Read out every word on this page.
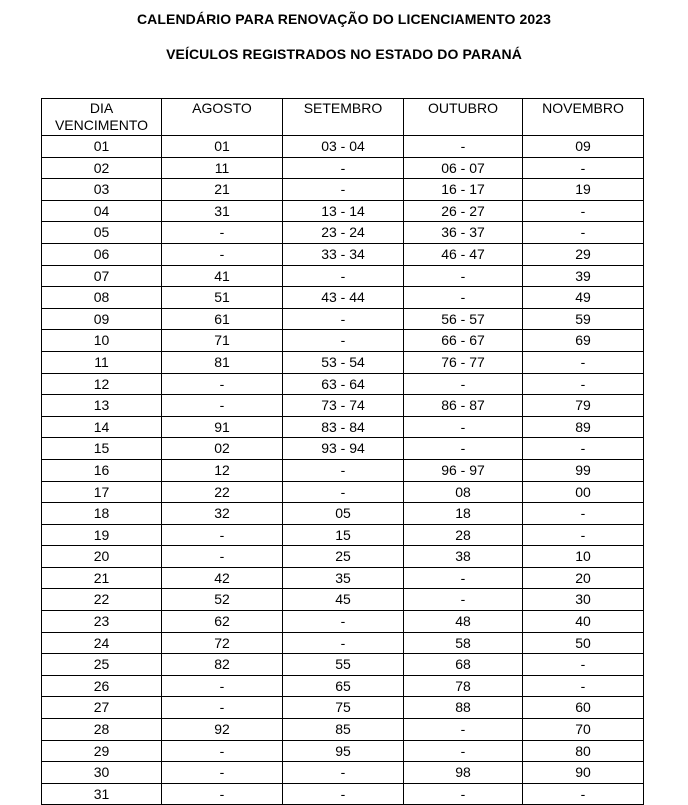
CALENDÁRIO PARA RENOVAÇÃO DO LICENCIAMENTO 2023
VEÍCULOS REGISTRADOS NO ESTADO DO PARANÁ
DIA
VENCIMENTO	AGOSTO	SETEMBRO	OUTUBRO	NOVEMBRO
01	01	03 - 04	-	09
02	11	-	06 - 07	-
03	21	-	16 - 17	19
04	31	13 - 14	26 - 27	-
05	-	23 - 24	36 - 37	-
06	-	33 - 34	46 - 47	29
07	41	-	-	39
08	51	43 - 44	-	49
09	61	-	56 - 57	59
10	71	-	66 - 67	69
11	81	53 - 54	76 - 77	-
12	-	63 - 64	-	-
13	-	73 - 74	86 - 87	79
14	91	83 - 84	-	89
15	02	93 - 94	-	-
16	12	-	96 - 97	99
17	22	-	08	00
18	32	05	18	-
19	-	15	28	-
20	-	25	38	10
21	42	35	-	20
22	52	45	-	30
23	62	-	48	40
24	72	-	58	50
25	82	55	68	-
26	-	65	78	-
27	-	75	88	60
28	92	85	-	70
29	-	95	-	80
30	-	-	98	90
31	-	-	-	-
